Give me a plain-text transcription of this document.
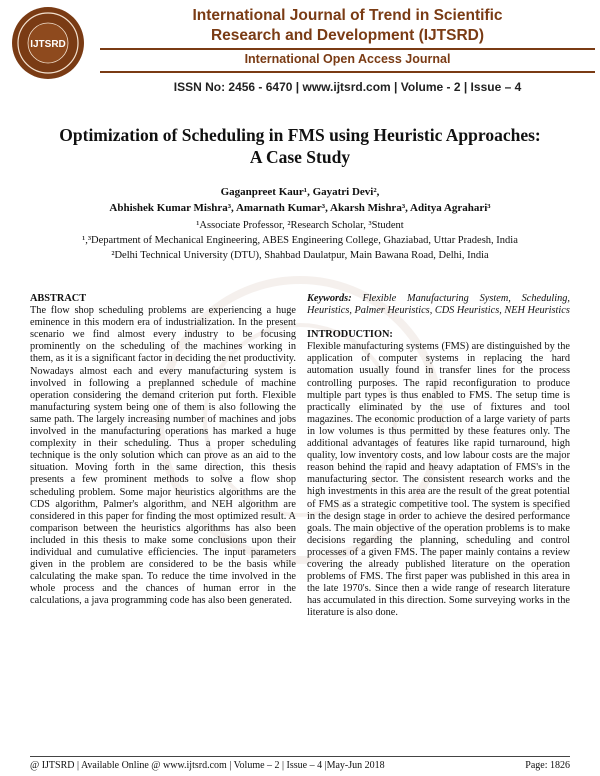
IJTSRD
International Journal of Trend in Scientific
Research and Development (IJTSRD)
International Open Access Journal
ISSN No: 2456 - 6470 | www.ijtsrd.com | Volume - 2 | Issue – 4
Optimization of Scheduling in FMS using Heuristic Approaches:
A Case Study
Gaganpreet Kaur¹, Gayatri Devi²,
Abhishek Kumar Mishra³, Amarnath Kumar³, Akarsh Mishra³, Aditya Agrahari³
¹Associate Professor, ²Research Scholar, ³Student
¹,³Department of Mechanical Engineering, ABES Engineering College, Ghaziabad, Uttar Pradesh, India
²Delhi Technical University (DTU), Shahbad Daulatpur, Main Bawana Road, Delhi, India
ABSTRACT
The flow shop scheduling problems are experiencing a huge eminence in this modern era of industrialization. In the present scenario we find almost every industry to be focusing prominently on the scheduling of the machines working in them, as it is a significant factor in deciding the net productivity. Nowadays almost each and every manufacturing system is involved in following a preplanned schedule of machine operation considering the demand criterion put forth. Flexible manufacturing system being one of them is also following the same path. The largely increasing number of machines and jobs involved in the manufacturing operations has marked a huge complexity in their scheduling. Thus a proper scheduling technique is the only solution which can prove as an aid to the situation. Moving forth in the same direction, this thesis presents a few prominent methods to solve a flow shop scheduling problem. Some major heuristics algorithms are the CDS algorithm, Palmer's algorithm, and NEH algorithm are considered in this paper for finding the most optimized result. A comparison between the heuristics algorithms has also been included in this thesis to make some conclusions upon their individual and cumulative efficiencies. The input parameters given in the problem are considered to be the basis while calculating the make span. To reduce the time involved in the whole process and the chances of human error in the calculations, a java programming code has also been generated.
Keywords: Flexible Manufacturing System, Scheduling, Heuristics, Palmer Heuristics, CDS Heuristics, NEH Heuristics
INTRODUCTION:
Flexible manufacturing systems (FMS) are distinguished by the application of computer systems in replacing the hard automation usually found in transfer lines for the process controlling purposes. The rapid reconfiguration to produce multiple part types is thus enabled to FMS. The setup time is practically eliminated by the use of fixtures and tool magazines. The economic production of a large variety of parts in low volumes is thus permitted by these features only. The additional advantages of features like rapid turnaround, high quality, low inventory costs, and low labour costs are the major reason behind the rapid and heavy adaptation of FMS's in the manufacturing sector. The consistent research works and the high investments in this area are the result of the great potential of FMS as a strategic competitive tool. The system is specified in the design stage in order to achieve the desired performance goals. The main objective of the operation problems is to make decisions regarding the planning, scheduling and control processes of a given FMS. The paper mainly contains a review covering the already published literature on the operation problems of FMS. The first paper was published in this area in the late 1970's. Since then a wide range of research literature has accumulated in this direction. Some surveying works in the literature is also done.
@ IJTSRD | Available Online @ www.ijtsrd.com | Volume – 2 | Issue – 4 |May-Jun 2018	Page: 1826
